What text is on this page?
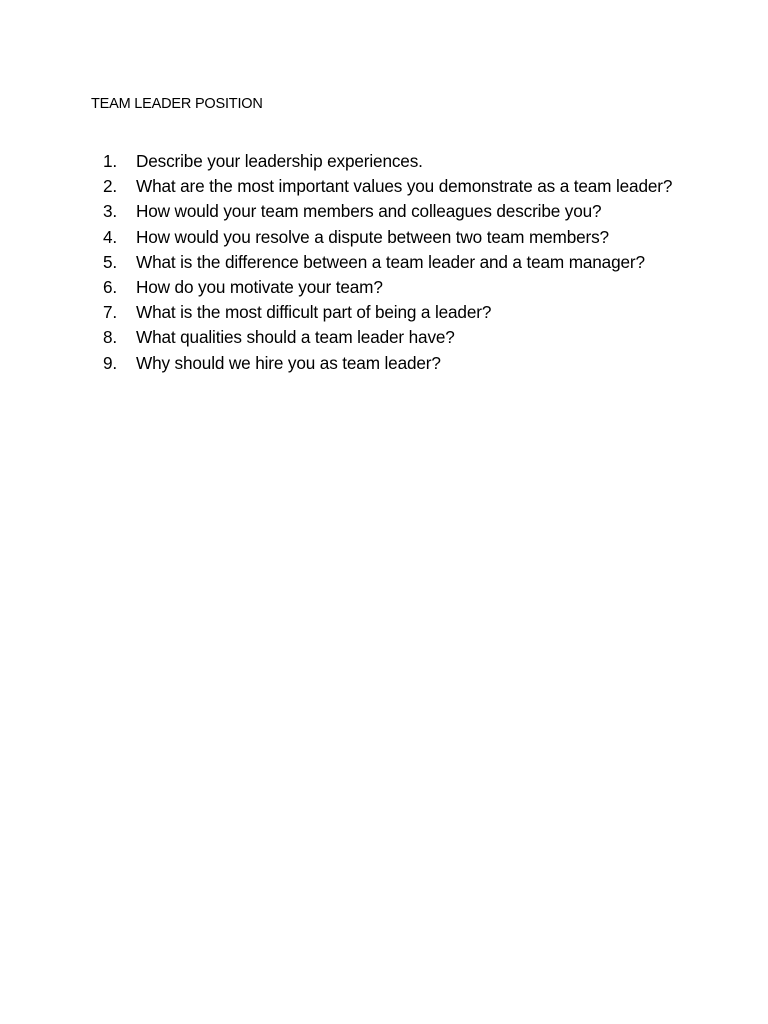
TEAM LEADER POSITION
1.	Describe your leadership experiences.
2.	What are the most important values you demonstrate as a team leader?
3.	How would your team members and colleagues describe you?
4.	How would you resolve a dispute between two team members?
5.	What is the difference between a team leader and a team manager?
6.	How do you motivate your team?
7.	What is the most difficult part of being a leader?
8.	What qualities should a team leader have?
9.	Why should we hire you as team leader?
